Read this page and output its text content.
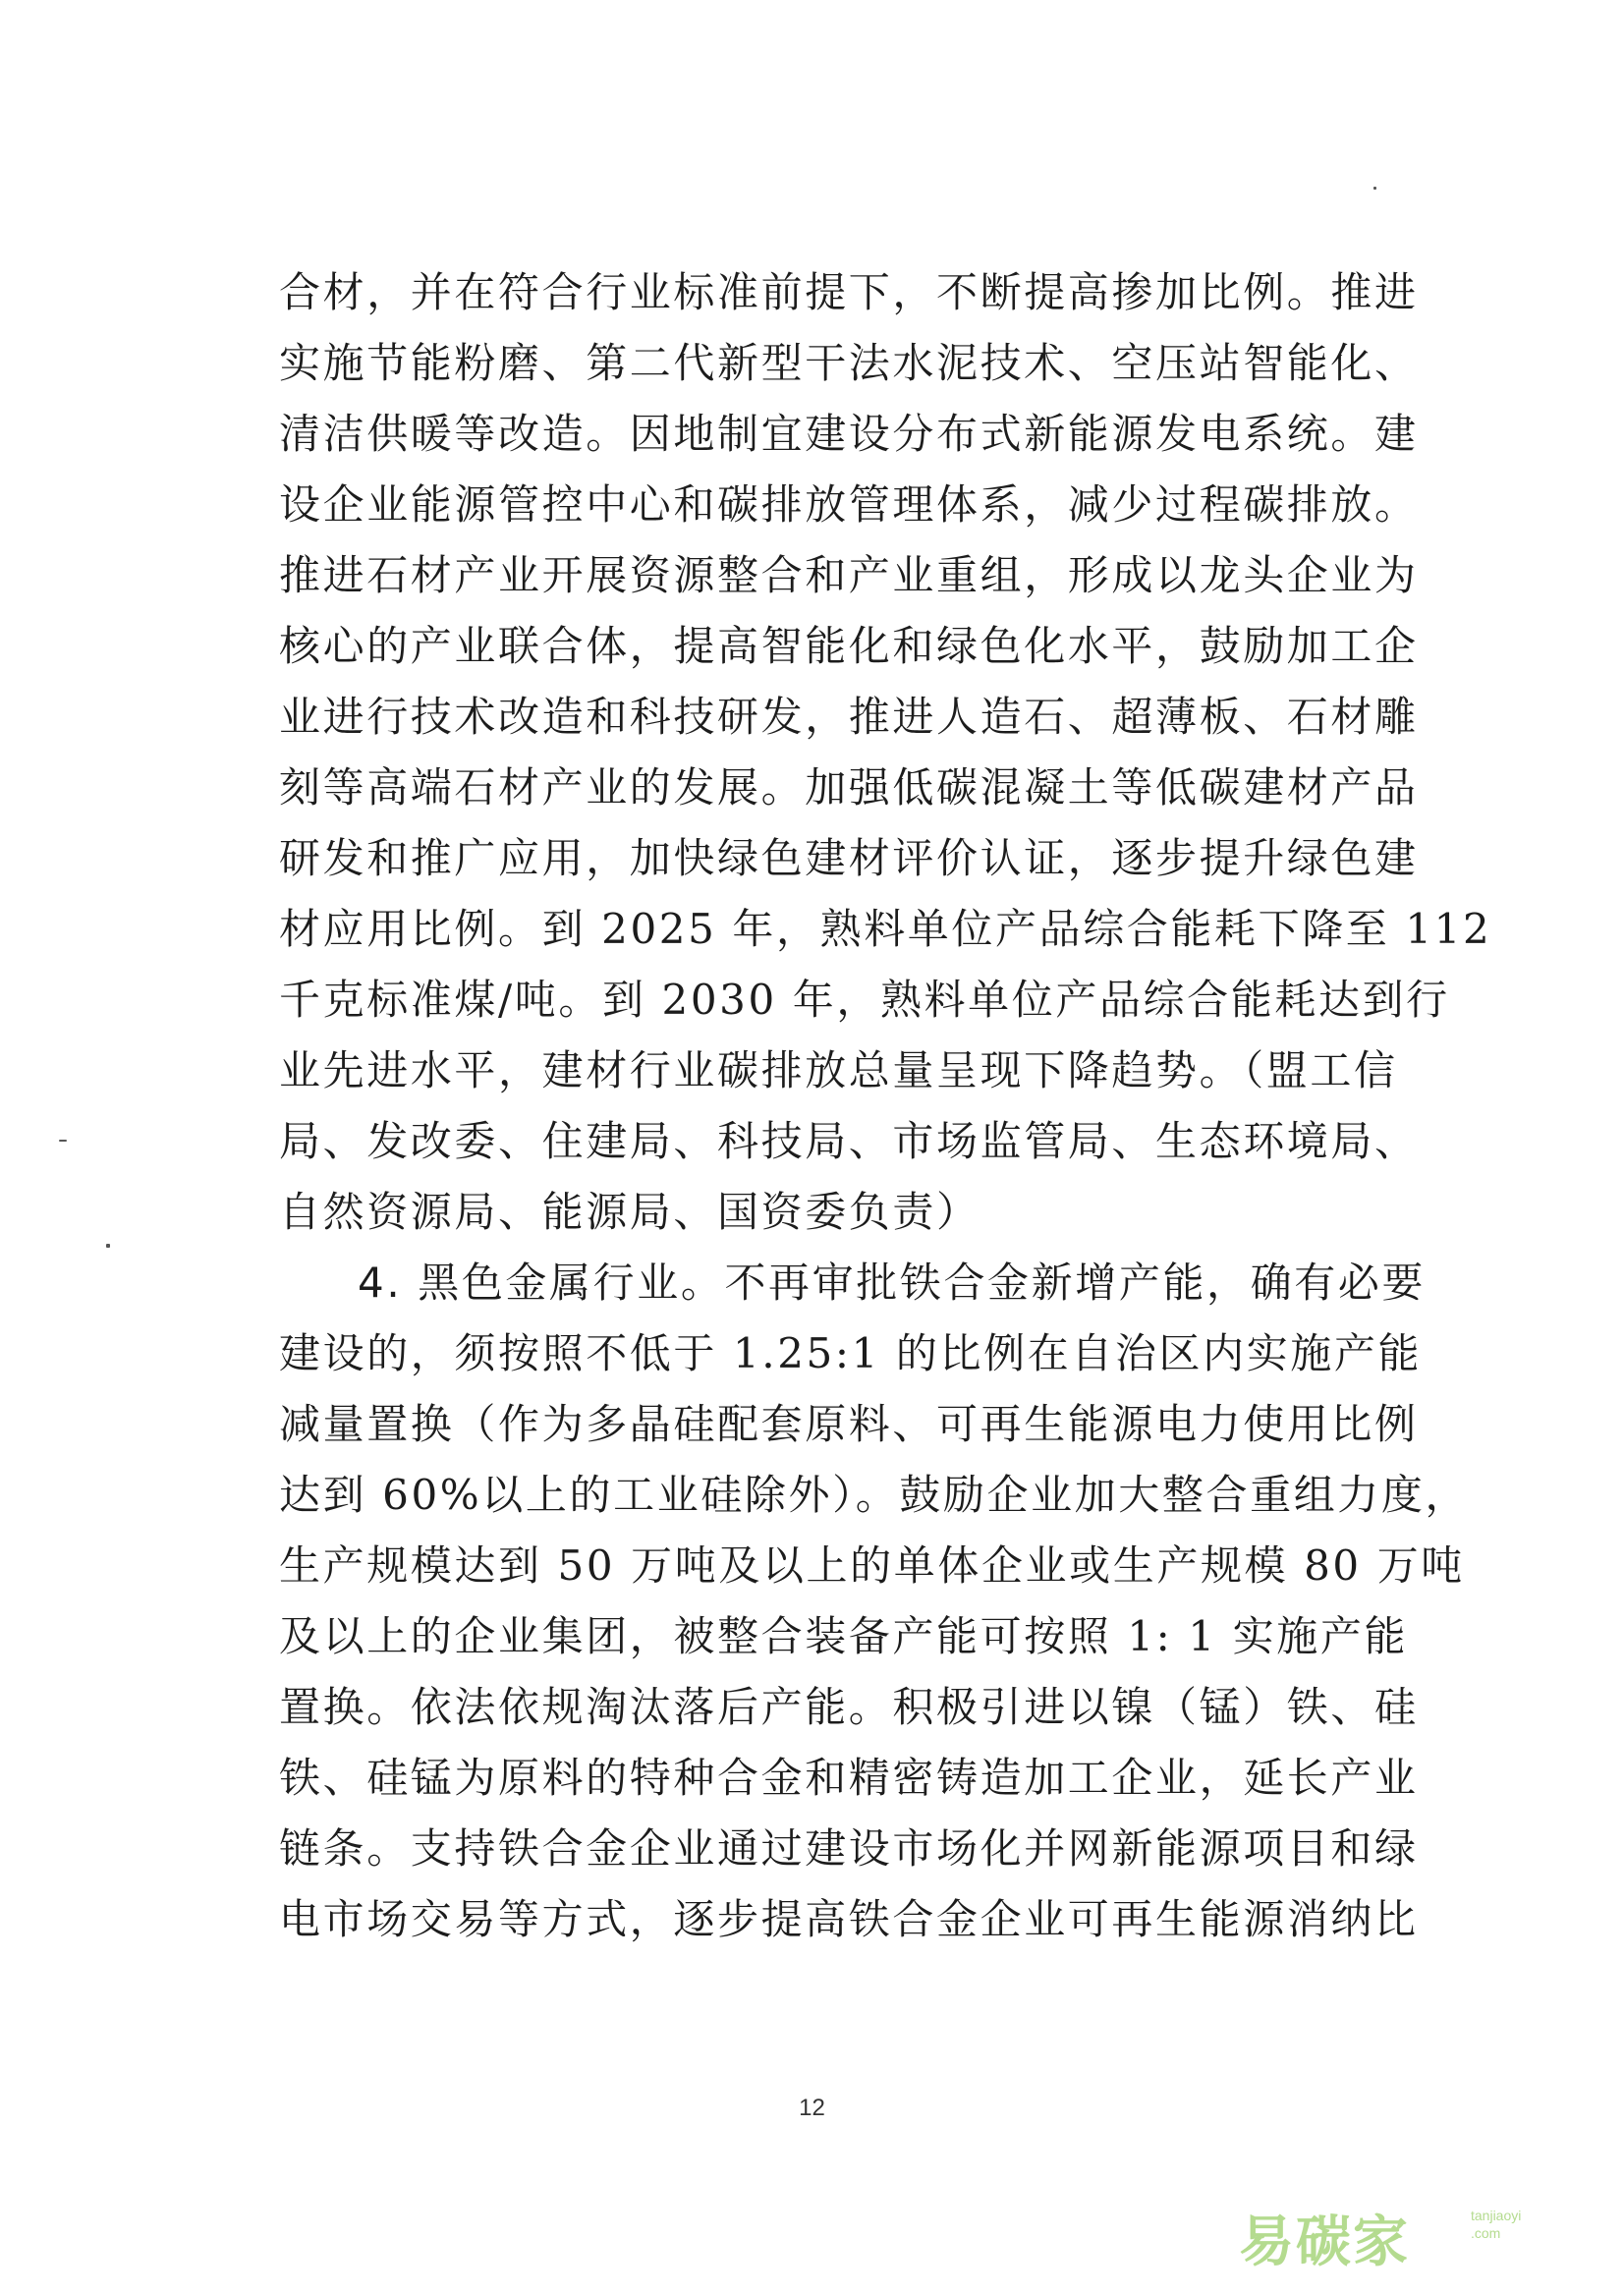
合材，并在符合行业标准前提下，不断提高掺加比例。推进
实施节能粉磨、第二代新型干法水泥技术、空压站智能化、
清洁供暖等改造。因地制宜建设分布式新能源发电系统。建
设企业能源管控中心和碳排放管理体系，减少过程碳排放。
推进石材产业开展资源整合和产业重组，形成以龙头企业为
核心的产业联合体，提高智能化和绿色化水平，鼓励加工企
业进行技术改造和科技研发，推进人造石、超薄板、石材雕
刻等高端石材产业的发展。加强低碳混凝土等低碳建材产品
研发和推广应用，加快绿色建材评价认证，逐步提升绿色建
材应用比例。到 2025 年，熟料单位产品综合能耗下降至 112
千克标准煤/吨。到 2030 年，熟料单位产品综合能耗达到行
业先进水平，建材行业碳排放总量呈现下降趋势。（盟工信
局、发改委、住建局、科技局、市场监管局、生态环境局、
自然资源局、能源局、国资委负责）
4. 黑色金属行业。不再审批铁合金新增产能，确有必要
建设的，须按照不低于 1.25:1 的比例在自治区内实施产能
减量置换（作为多晶硅配套原料、可再生能源电力使用比例
达到 60%以上的工业硅除外）。鼓励企业加大整合重组力度，
生产规模达到 50 万吨及以上的单体企业或生产规模 80 万吨
及以上的企业集团，被整合装备产能可按照 1: 1 实施产能
置换。依法依规淘汰落后产能。积极引进以镍（锰）铁、硅
铁、硅锰为原料的特种合金和精密铸造加工企业，延长产业
链条。支持铁合金企业通过建设市场化并网新能源项目和绿
电市场交易等方式，逐步提高铁合金企业可再生能源消纳比
12
易碳家	tanjiaoyi
.com
